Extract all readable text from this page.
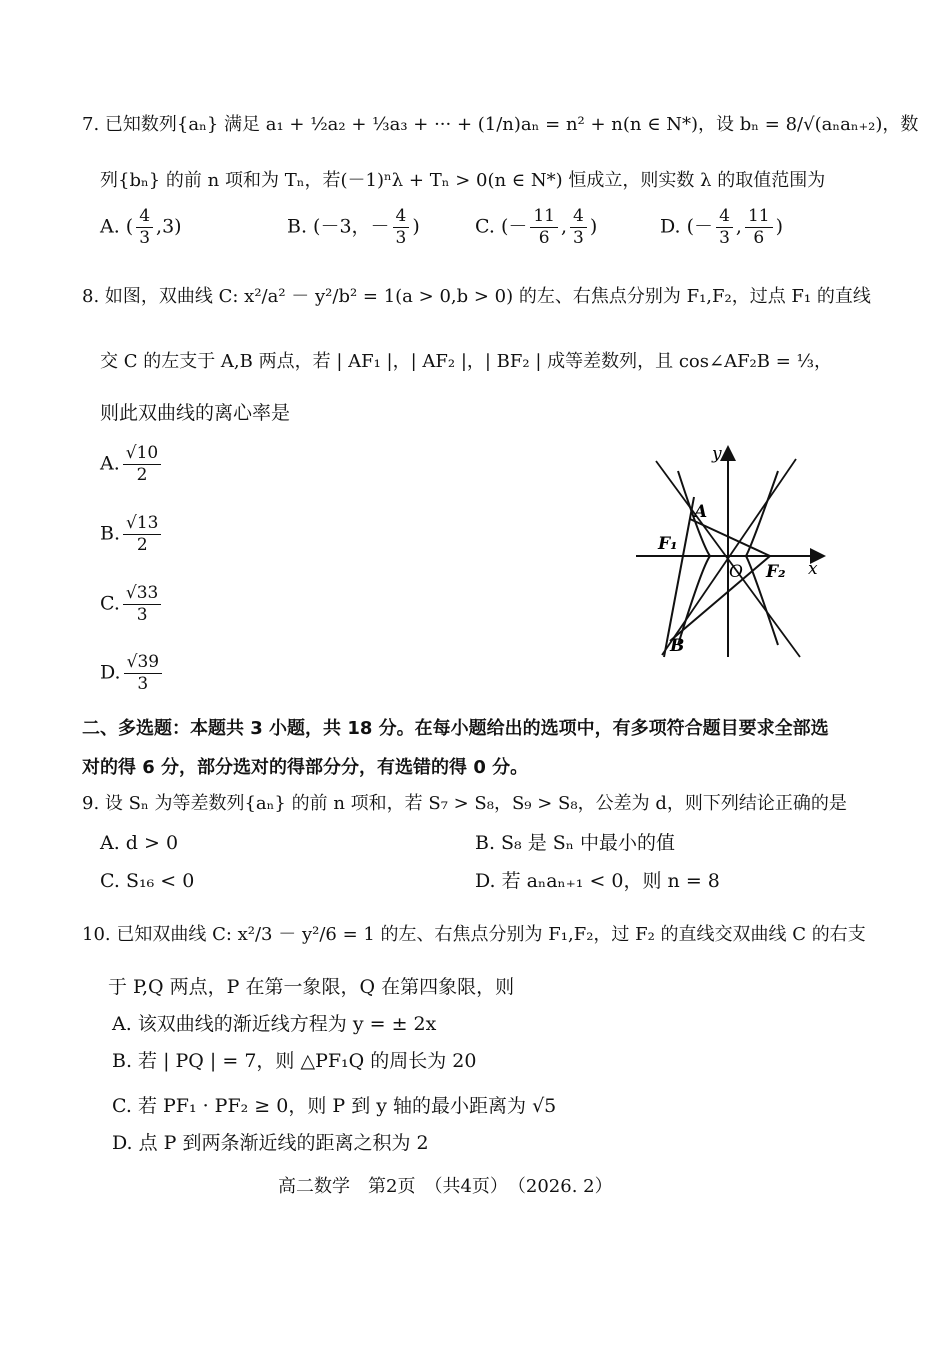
7. 已知数列{aₙ} 满足 a₁ + ½a₂ + ⅓a₃ + ··· + (1/n)aₙ = n² + n(n ∈ N*)，设 bₙ = 8/√(aₙaₙ₊₂)，数
列{bₙ} 的前 n 项和为 Tₙ，若(－1)ⁿλ + Tₙ > 0(n ∈ N*) 恒成立，则实数 λ 的取值范围为
A. ( $\frac{4}{3} ,3$)	B. (－3，－ $\frac{4}{3}$ )	C. (－ $\frac{11}{6}$ , $\frac{4}{3}$ )	D. (－ $\frac{4}{3}$ , $\frac{11}{6}$ )
8. 如图，双曲线 C: x²/a² － y²/b² = 1(a > 0,b > 0) 的左、右焦点分别为 F₁,F₂，过点 F₁ 的直线
交 C 的左支于 A,B 两点，若 | AF₁ |，| AF₂ |，| BF₂ | 成等差数列，且 cos∠AF₂B = ⅓，
则此双曲线的离心率是
A. $\frac{√10}{2}$
B. $\frac{√13}{2}$
C. $\frac{√33}{3}$
D. $\frac{√39}{3}$
y
x
A
B
F₁
F₂
O
二、多选题：本题共 3 小题，共 18 分。在每小题给出的选项中，有多项符合题目要求全部选
对的得 6 分，部分选对的得部分分，有选错的得 0 分。
9. 设 Sₙ 为等差数列{aₙ} 的前 n 项和，若 S₇ > S₈，S₉ > S₈，公差为 d，则下列结论正确的是
A. d > 0	B. S₈ 是 Sₙ 中最小的值
C. S₁₆ < 0	D. 若 aₙaₙ₊₁ < 0，则 n = 8
10. 已知双曲线 C: x²/3 － y²/6 = 1 的左、右焦点分别为 F₁,F₂，过 F₂ 的直线交双曲线 C 的右支
于 P,Q 两点，P 在第一象限，Q 在第四象限，则
A. 该双曲线的渐近线方程为 y = ± 2x
B. 若 | PQ | = 7，则 △PF₁Q 的周长为 20
C. 若 PF₁ · PF₂ ≥ 0，则 P 到 y 轴的最小距离为 √5
D. 点 P 到两条渐近线的距离之积为 2
高二数学　第2页　（共4页）　（2026. 2）
